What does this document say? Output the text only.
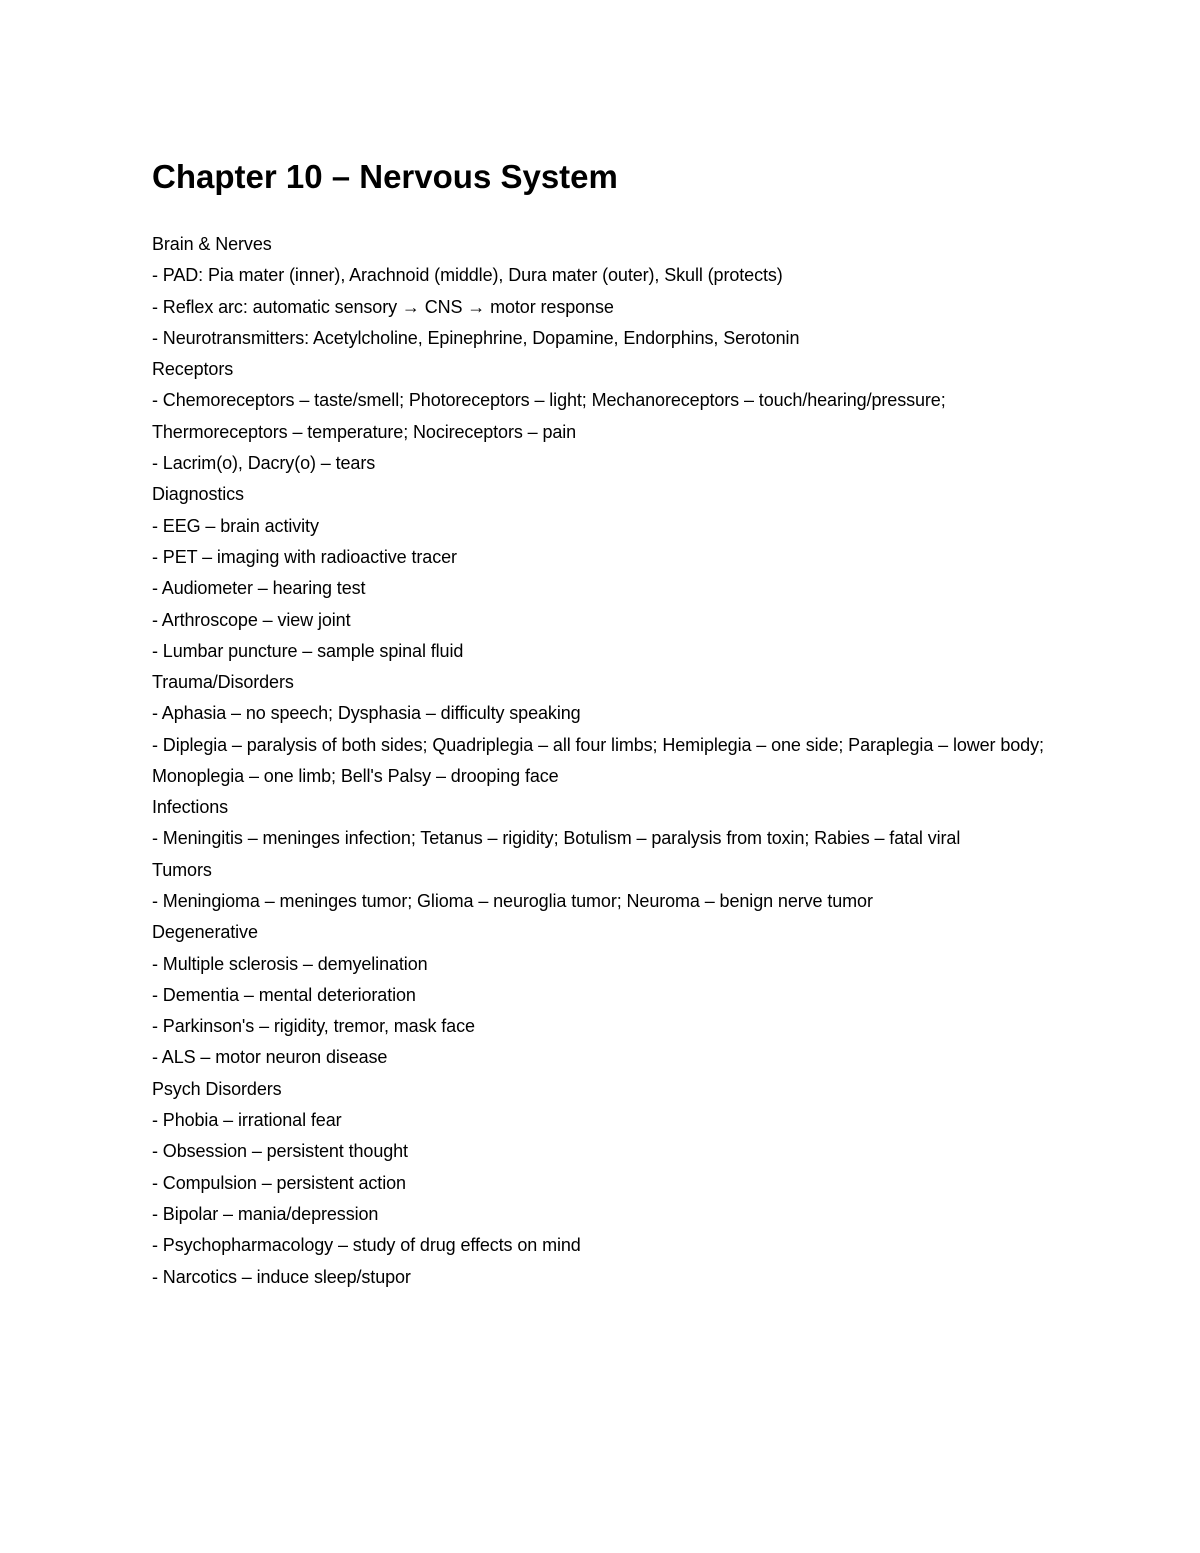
Chapter 10 – Nervous System
Brain & Nerves
- PAD: Pia mater (inner), Arachnoid (middle), Dura mater (outer), Skull (protects)
- Reflex arc: automatic sensory → CNS → motor response
- Neurotransmitters: Acetylcholine, Epinephrine, Dopamine, Endorphins, Serotonin
Receptors
- Chemoreceptors – taste/smell; Photoreceptors – light; Mechanoreceptors – touch/hearing/pressure;
Thermoreceptors – temperature; Nocireceptors – pain
- Lacrim(o), Dacry(o) – tears
Diagnostics
- EEG – brain activity
- PET – imaging with radioactive tracer
- Audiometer – hearing test
- Arthroscope – view joint
- Lumbar puncture – sample spinal fluid
Trauma/Disorders
- Aphasia – no speech; Dysphasia – difficulty speaking
- Diplegia – paralysis of both sides; Quadriplegia – all four limbs; Hemiplegia – one side; Paraplegia – lower body;
Monoplegia – one limb; Bell's Palsy – drooping face
Infections
- Meningitis – meninges infection; Tetanus – rigidity; Botulism – paralysis from toxin; Rabies – fatal viral
Tumors
- Meningioma – meninges tumor; Glioma – neuroglia tumor; Neuroma – benign nerve tumor
Degenerative
- Multiple sclerosis – demyelination
- Dementia – mental deterioration
- Parkinson's – rigidity, tremor, mask face
- ALS – motor neuron disease
Psych Disorders
- Phobia – irrational fear
- Obsession – persistent thought
- Compulsion – persistent action
- Bipolar – mania/depression
- Psychopharmacology – study of drug effects on mind
- Narcotics – induce sleep/stupor
